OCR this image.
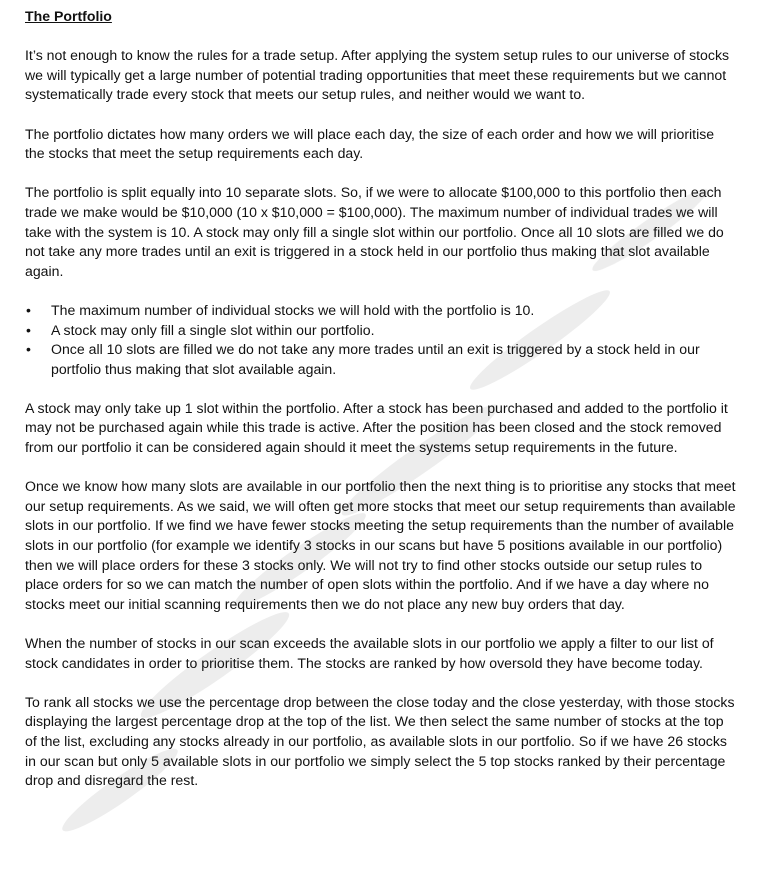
The Portfolio

It’s not enough to know the rules for a trade setup. After applying the system setup rules to our universe of stocks we will typically get a large number of potential trading opportunities that meet these requirements but we cannot systematically trade every stock that meets our setup rules, and neither would we want to.

The portfolio dictates how many orders we will place each day, the size of each order and how we will prioritise the stocks that meet the setup requirements each day.

The portfolio is split equally into 10 separate slots. So, if we were to allocate $100,000 to this portfolio then each trade we make would be $10,000 (10 x $10,000 = $100,000). The maximum number of individual trades we will take with the system is 10. A stock may only fill a single slot within our portfolio. Once all 10 slots are filled we do not take any more trades until an exit is triggered in a stock held in our portfolio thus making that slot available again.

• The maximum number of individual stocks we will hold with the portfolio is 10.
• A stock may only fill a single slot within our portfolio.
• Once all 10 slots are filled we do not take any more trades until an exit is triggered by a stock held in our portfolio thus making that slot available again.

A stock may only take up 1 slot within the portfolio. After a stock has been purchased and added to the portfolio it may not be purchased again while this trade is active. After the position has been closed and the stock removed from our portfolio it can be considered again should it meet the systems setup requirements in the future.

Once we know how many slots are available in our portfolio then the next thing is to prioritise any stocks that meet our setup requirements. As we said, we will often get more stocks that meet our setup requirements than available slots in our portfolio. If we find we have fewer stocks meeting the setup requirements than the number of available slots in our portfolio (for example we identify 3 stocks in our scans but have 5 positions available in our portfolio) then we will place orders for these 3 stocks only. We will not try to find other stocks outside our setup rules to place orders for so we can match the number of open slots within the portfolio. And if we have a day where no stocks meet our initial scanning requirements then we do not place any new buy orders that day.

When the number of stocks in our scan exceeds the available slots in our portfolio we apply a filter to our list of stock candidates in order to prioritise them. The stocks are ranked by how oversold they have become today.

To rank all stocks we use the percentage drop between the close today and the close yesterday, with those stocks displaying the largest percentage drop at the top of the list. We then select the same number of stocks at the top of the list, excluding any stocks already in our portfolio, as available slots in our portfolio. So if we have 26 stocks in our scan but only 5 available slots in our portfolio we simply select the 5 top stocks ranked by their percentage drop and disregard the rest.
